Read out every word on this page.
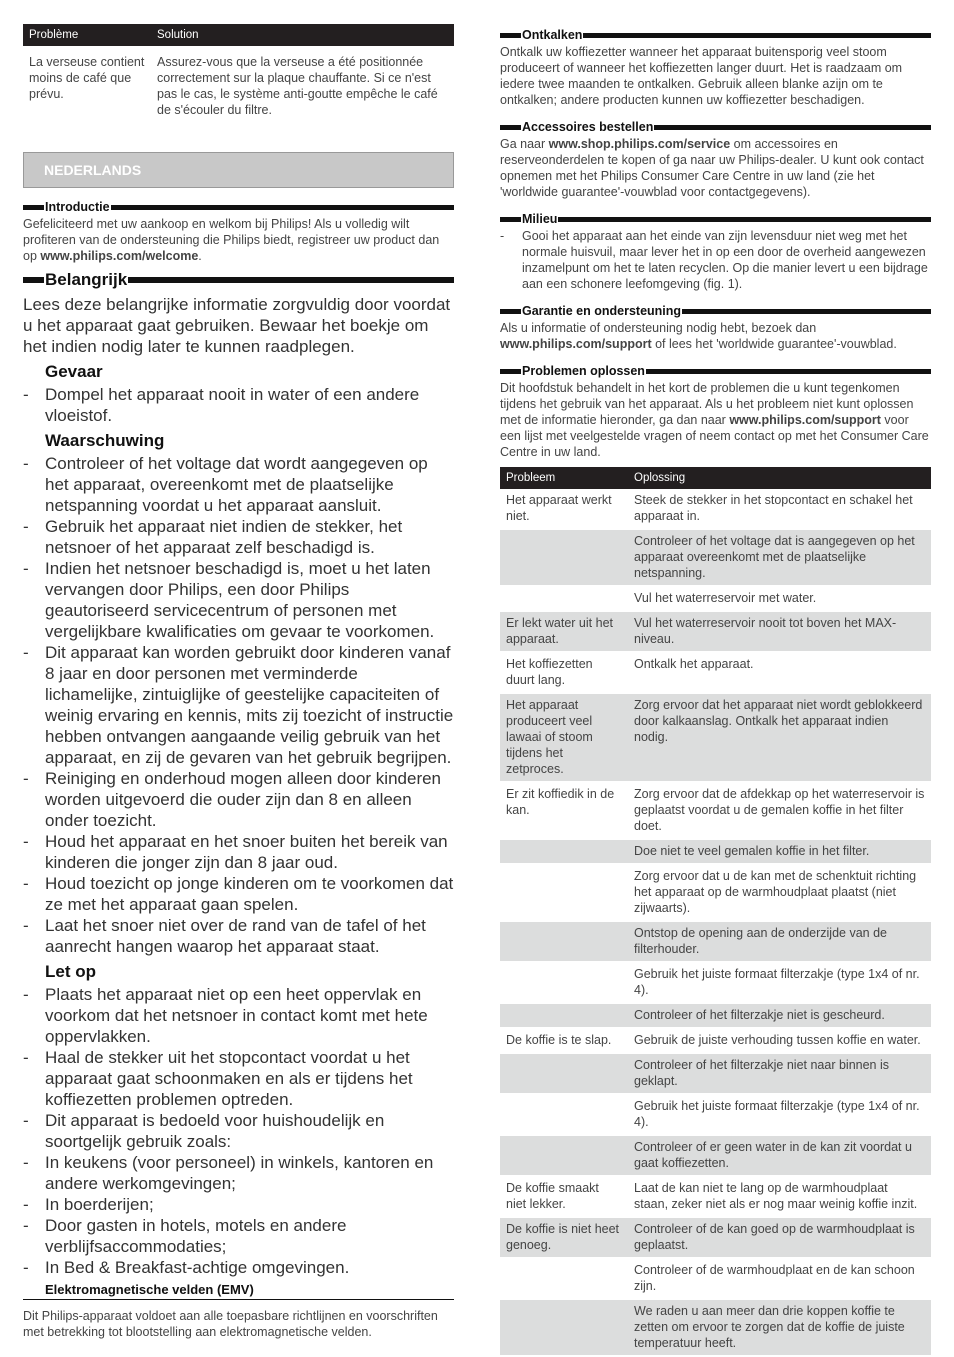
Problème	Solution
La verseuse contient moins de café que prévu.	Assurez-vous que la verseuse a été positionnée correctement sur la plaque chauffante. Si ce n'est pas le cas, le système anti-goutte empêche le café de s'écouler du filtre.
NEDERLANDS
Introductie

Gefeliciteerd met uw aankoop en welkom bij Philips! Als u volledig wilt profiteren van de ondersteuning die Philips biedt, registreer uw product dan op www.philips.com/welcome.

Belangrijk

Lees deze belangrijke informatie zorgvuldig door voordat u het apparaat gaat gebruiken. Bewaar het boekje om het indien nodig later te kunnen raadplegen.

Gevaar
- Dompel het apparaat nooit in water of een andere vloeistof.
Waarschuwing
- Controleer of het voltage dat wordt aangegeven op het apparaat, overeenkomt met de plaatselijke netspanning voordat u het apparaat aansluit.
- Gebruik het apparaat niet indien de stekker, het netsnoer of het apparaat zelf beschadigd is.
- Indien het netsnoer beschadigd is, moet u het laten vervangen door Philips, een door Philips geautoriseerd servicecentrum of personen met vergelijkbare kwalificaties om gevaar te voorkomen.
- Dit apparaat kan worden gebruikt door kinderen vanaf 8 jaar en door personen met verminderde lichamelijke, zintuiglijke of geestelijke capaciteiten of weinig ervaring en kennis, mits zij toezicht of instructie hebben ontvangen aangaande veilig gebruik van het apparaat, en zij de gevaren van het gebruik begrijpen.
- Reiniging en onderhoud mogen alleen door kinderen worden uitgevoerd die ouder zijn dan 8 en alleen onder toezicht.
- Houd het apparaat en het snoer buiten het bereik van kinderen die jonger zijn dan 8 jaar oud.
- Houd toezicht op jonge kinderen om te voorkomen dat ze met het apparaat gaan spelen.
- Laat het snoer niet over de rand van de tafel of het aanrecht hangen waarop het apparaat staat.
Let op
- Plaats het apparaat niet op een heet oppervlak en voorkom dat het netsnoer in contact komt met hete oppervlakken.
- Haal de stekker uit het stopcontact voordat u het apparaat gaat schoonmaken en als er tijdens het koffiezetten problemen optreden.
- Dit apparaat is bedoeld voor huishoudelijk en soortgelijk gebruik zoals:
- In keukens (voor personeel) in winkels, kantoren en andere werkomgevingen;
- In boerderijen;
- Door gasten in hotels, motels en andere verblijfsaccommodaties;
- In Bed & Breakfast-achtige omgevingen.
Elektromagnetische velden (EMV)

Dit Philips-apparaat voldoet aan alle toepasbare richtlijnen en voorschriften met betrekking tot blootstelling aan elektromagnetische velden.

Ontkalken

Ontkalk uw koffiezetter wanneer het apparaat buitensporig veel stoom produceert of wanneer het koffiezetten langer duurt. Het is raadzaam om iedere twee maanden te ontkalken. Gebruik alleen blanke azijn om te ontkalken; andere producten kunnen uw koffiezetter beschadigen.

Accessoires bestellen

Ga naar www.shop.philips.com/service om accessoires en reserveonderdelen te kopen of ga naar uw Philips-dealer. U kunt ook contact opnemen met het Philips Consumer Care Centre in uw land (zie het 'worldwide guarantee'-vouwblad voor contactgegevens).

Milieu
- Gooi het apparaat aan het einde van zijn levensduur niet weg met het normale huisvuil, maar lever het in op een door de overheid aangewezen inzamelpunt om het te laten recyclen. Op die manier levert u een bijdrage aan een schonere leefomgeving (fig. 1).
Garantie en ondersteuning

Als u informatie of ondersteuning nodig hebt, bezoek dan www.philips.com/support of lees het 'worldwide guarantee'-vouwblad.

Problemen oplossen

Dit hoofdstuk behandelt in het kort de problemen die u kunt tegenkomen tijdens het gebruik van het apparaat. Als u het probleem niet kunt oplossen met de informatie hieronder, ga dan naar www.philips.com/support voor een lijst met veelgestelde vragen of neem contact op met het Consumer Care Centre in uw land.

Probleem	Oplossing
Het apparaat werkt niet.	Steek de stekker in het stopcontact en schakel het apparaat in.
	Controleer of het voltage dat is aangegeven op het apparaat overeenkomt met de plaatselijke netspanning.
	Vul het waterreservoir met water.
Er lekt water uit het apparaat.	Vul het waterreservoir nooit tot boven het MAX-niveau.
Het koffiezetten duurt lang.	Ontkalk het apparaat.
Het apparaat produceert veel lawaai of stoom tijdens het zetproces.	Zorg ervoor dat het apparaat niet wordt geblokkeerd door kalkaanslag. Ontkalk het apparaat indien nodig.
Er zit koffiedik in de kan.	Zorg ervoor dat de afdekkap op het waterreservoir is geplaatst voordat u de gemalen koffie in het filter doet.
	Doe niet te veel gemalen koffie in het filter.
	Zorg ervoor dat u de kan met de schenktuit richting het apparaat op de warmhoudplaat plaatst (niet zijwaarts).
	Ontstop de opening aan de onderzijde van de filterhouder.
	Gebruik het juiste formaat filterzakje (type 1x4 of nr. 4).
	Controleer of het filterzakje niet is gescheurd.
De koffie is te slap.	Gebruik de juiste verhouding tussen koffie en water.
	Controleer of het filterzakje niet naar binnen is geklapt.
	Gebruik het juiste formaat filterzakje (type 1x4 of nr. 4).
	Controleer of er geen water in de kan zit voordat u gaat koffiezetten.
De koffie smaakt niet lekker.	Laat de kan niet te lang op de warmhoudplaat staan, zeker niet als er nog maar weinig koffie inzit.
De koffie is niet heet genoeg.	Controleer of de kan goed op de warmhoudplaat is geplaatst.
	Controleer of de warmhoudplaat en de kan schoon zijn.
	We raden u aan meer dan drie koppen koffie te zetten om ervoor te zorgen dat de koffie de juiste temperatuur heeft.
